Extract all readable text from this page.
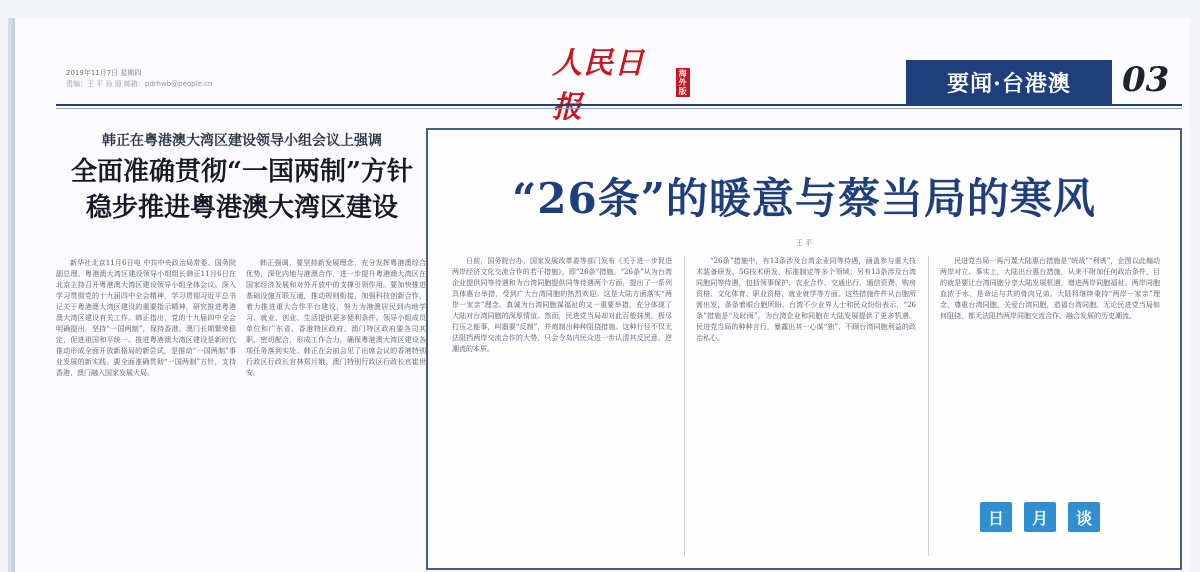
2019年11月7日 星期四
责编：王 平 孙 迎 邮箱：pdrhwb@people.cn
人民日	海外版	要闻·台港澳	03
韩正在粤港澳大湾区建设领导小组会议上强调
全面准确贯彻“一国两制”方针
稳步推进粤港澳大湾区建设

新华社北京11月6日电 中共中央政治局常委、国务院副总理、粤港澳大湾区建设领导小组组长韩正11月6日在北京主持召开粤港澳大湾区建设领导小组全体会议。深入学习贯彻党的十九届四中全会精神，学习贯彻习近平总书记关于粤港澳大湾区建设的重要指示精神，研究推进粤港澳大湾区建设有关工作。韩正指出，党的十九届四中全会明确提出，坚持“一国两制”，保持香港、澳门长期繁荣稳定，促进祖国和平统一。推进粤港澳大湾区建设是新时代推动形成全面开放新格局的新尝试，是推动“一国两制”事业发展的新实践。要全面准确贯彻“一国两制”方针，支持香港、澳门融入国家发展大局。

韩正强调，要坚持新发展理念，充分发挥粤港澳综合优势，深化内地与港澳合作，进一步提升粤港澳大湾区在国家经济发展和对外开放中的支撑引领作用。要加快推进基础设施互联互通，推动规则衔接，加强科技创新合作，着力推进重大合作平台建设，努力为港澳居民到内地学习、就业、创业、生活提供更多便利条件。领导小组成员单位和广东省、香港特区政府、澳门特区政府要各司其职、密切配合，形成工作合力，确保粤港澳大湾区建设各项任务落到实处。韩正在会前会见了出席会议的香港特别行政区行政长官林郑月娥、澳门特别行政区行政长官崔世安。

“26条”的暖意与蔡当局的寒风
王 平

日前，国务院台办、国家发展改革委等部门发布《关于进一步促进两岸经济文化交流合作的若干措施》，即“26条”措施。“26条”从为台湾企业提供同等待遇和为台湾同胞提供同等待遇两个方面，提出了一系列具体惠台举措，受到广大台湾同胞的热烈欢迎。这是大陆方面落实“两岸一家亲”理念、真诚为台湾同胞谋福祉的又一重要举措，充分体现了大陆对台湾同胞的深厚情谊。然而，民进党当局却对此百般抹黑，极尽打压之能事，叫嚣要“反制”，并炮制出种种阻挠措施。这种行径不仅无法阻挡两岸交流合作的大势，只会令岛内民众进一步认清其反民意、逆潮流的本质。

“26条”措施中，有13条涉及台湾企业同等待遇，涵盖参与重大技术装备研发、5G技术研发、标准制定等多个领域；另有13条涉及台湾同胞同等待遇，包括领事保护、农业合作、交通出行、通信资费、购房资格、文化体育、职业资格、就业就学等方面。这些措施件件从台胞所需出发，条条着眼台胞所盼。台湾不少业界人士和民众纷纷表示，“26条”措施是“及时雨”，为台湾企业和同胞在大陆发展提供了更多机遇。民进党当局的种种言行，暴露出其一心谋“独”、不顾台湾同胞利益的政治私心。

民进党当局一再污蔑大陆惠台措施是“统战”“利诱”，企图以此煽动两岸对立。事实上，大陆出台惠台措施，从来不附加任何政治条件，目的就是要让台湾同胞分享大陆发展机遇，增进两岸同胞福祉。两岸同胞血浓于水，是命运与共的骨肉兄弟。大陆将继续秉持“两岸一家亲”理念，尊重台湾同胞，关爱台湾同胞，造福台湾同胞。无论民进党当局如何阻挠，都无法阻挡两岸同胞交流合作、融合发展的历史潮流。

日	月	谈
